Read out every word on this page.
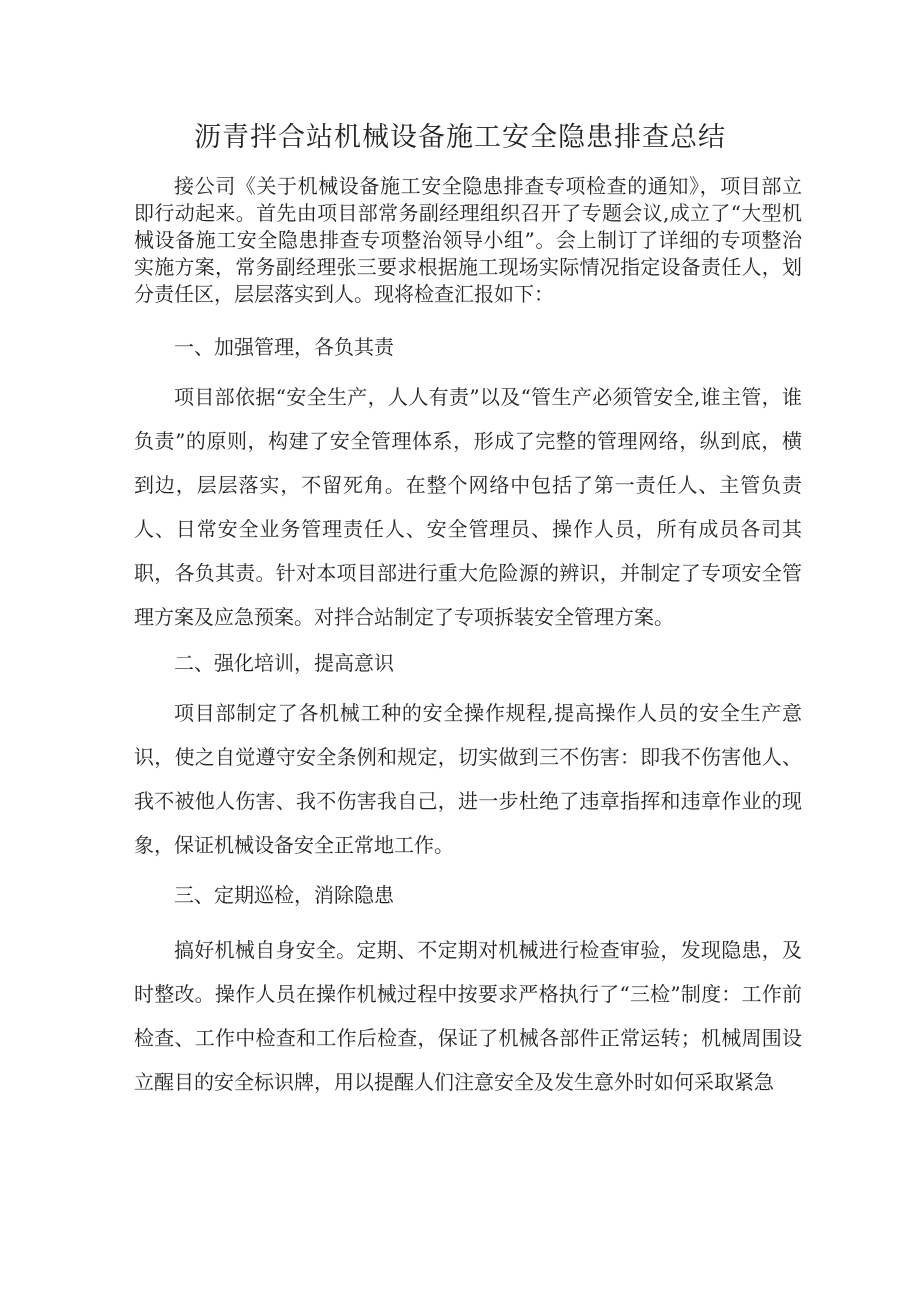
沥青拌合站机械设备施工安全隐患排查总结

接公司《关于机械设备施工安全隐患排查专项检查的通知》，项目部立即行动起来。首先由项目部常务副经理组织召开了专题会议,成立了“大型机械设备施工安全隐患排查专项整治领导小组”。会上制订了详细的专项整治实施方案，常务副经理张三要求根据施工现场实际情况指定设备责任人，划分责任区，层层落实到人。现将检查汇报如下：

一、加强管理，各负其责

项目部依据“安全生产，人人有责”以及“管生产必须管安全,谁主管，谁负责”的原则，构建了安全管理体系，形成了完整的管理网络，纵到底，横到边，层层落实，不留死角。在整个网络中包括了第一责任人、主管负责人、日常安全业务管理责任人、安全管理员、操作人员，所有成员各司其职，各负其责。针对本项目部进行重大危险源的辨识，并制定了专项安全管理方案及应急预案。对拌合站制定了专项拆装安全管理方案。

二、强化培训，提高意识

项目部制定了各机械工种的安全操作规程,提高操作人员的安全生产意识，使之自觉遵守安全条例和规定，切实做到三不伤害：即我不伤害他人、我不被他人伤害、我不伤害我自己，进一步杜绝了违章指挥和违章作业的现象，保证机械设备安全正常地工作。

三、定期巡检，消除隐患

搞好机械自身安全。定期、不定期对机械进行检查审验，发现隐患，及时整改。操作人员在操作机械过程中按要求严格执行了“三检”制度：工作前检查、工作中检查和工作后检查，保证了机械各部件正常运转；机械周围设立醒目的安全标识牌，用以提醒人们注意安全及发生意外时如何采取紧急
